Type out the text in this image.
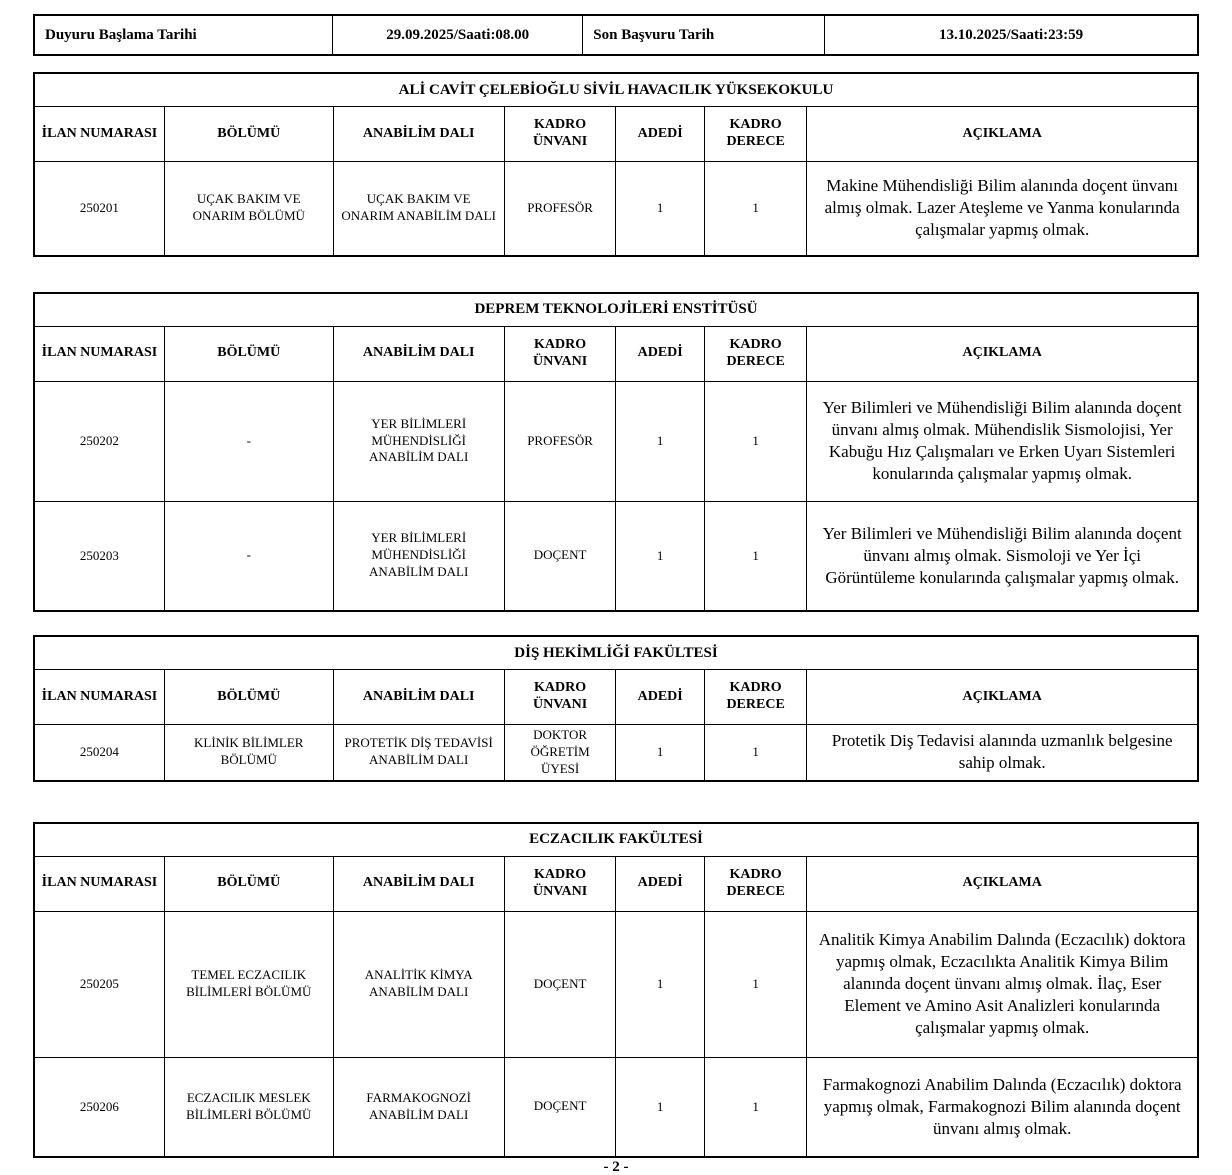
Duyuru Başlama Tarihi	29.09.2025/Saati:08.00	Son Başvuru Tarih	13.10.2025/Saati:23:59
ALİ CAVİT ÇELEBİOĞLU SİVİL HAVACILIK YÜKSEKOKULU						
İLAN NUMARASI	BÖLÜMÜ	ANABİLİM DALI	KADRO ÜNVANI	ADEDİ	KADRO DERECE	AÇIKLAMA
250201	UÇAK BAKIM VE ONARIM BÖLÜMÜ	UÇAK BAKIM VE ONARIM ANABİLİM DALI	PROFESÖR	1	1	Makine Mühendisliği Bilim alanında doçent ünvanı almış olmak. Lazer Ateşleme ve Yanma konularında çalışmalar yapmış olmak.
DEPREM TEKNOLOJİLERİ ENSTİTÜSÜ						
İLAN NUMARASI	BÖLÜMÜ	ANABİLİM DALI	KADRO ÜNVANI	ADEDİ	KADRO DERECE	AÇIKLAMA
250202	-	YER BİLİMLERİ MÜHENDİSLİĞİ ANABİLİM DALI	PROFESÖR	1	1	Yer Bilimleri ve Mühendisliği Bilim alanında doçent ünvanı almış olmak. Mühendislik Sismolojisi, Yer Kabuğu Hız Çalışmaları ve Erken Uyarı Sistemleri konularında çalışmalar yapmış olmak.
250203	-	YER BİLİMLERİ MÜHENDİSLİĞİ ANABİLİM DALI	DOÇENT	1	1	Yer Bilimleri ve Mühendisliği Bilim alanında doçent ünvanı almış olmak. Sismoloji ve Yer İçi Görüntüleme konularında çalışmalar yapmış olmak.
DİŞ HEKİMLİĞİ FAKÜLTESİ						
İLAN NUMARASI	BÖLÜMÜ	ANABİLİM DALI	KADRO ÜNVANI	ADEDİ	KADRO DERECE	AÇIKLAMA
250204	KLİNİK BİLİMLER BÖLÜMÜ	PROTETİK DİŞ TEDAVİSİ ANABİLİM DALI	DOKTOR ÖĞRETİM ÜYESİ	1	1	Protetik Diş Tedavisi alanında uzmanlık belgesine sahip olmak.
ECZACILIK FAKÜLTESİ						
İLAN NUMARASI	BÖLÜMÜ	ANABİLİM DALI	KADRO ÜNVANI	ADEDİ	KADRO DERECE	AÇIKLAMA
250205	TEMEL ECZACILIK BİLİMLERİ BÖLÜMÜ	ANALİTİK KİMYA ANABİLİM DALI	DOÇENT	1	1	Analitik Kimya Anabilim Dalında (Eczacılık) doktora yapmış olmak, Eczacılıkta Analitik Kimya Bilim alanında doçent ünvanı almış olmak. İlaç, Eser Element ve Amino Asit Analizleri konularında çalışmalar yapmış olmak.
250206	ECZACILIK MESLEK BİLİMLERİ BÖLÜMÜ	FARMAKOGNOZİ ANABİLİM DALI	DOÇENT	1	1	Farmakognozi Anabilim Dalında (Eczacılık) doktora yapmış olmak, Farmakognozi Bilim alanında doçent ünvanı almış olmak.
- 2 -
